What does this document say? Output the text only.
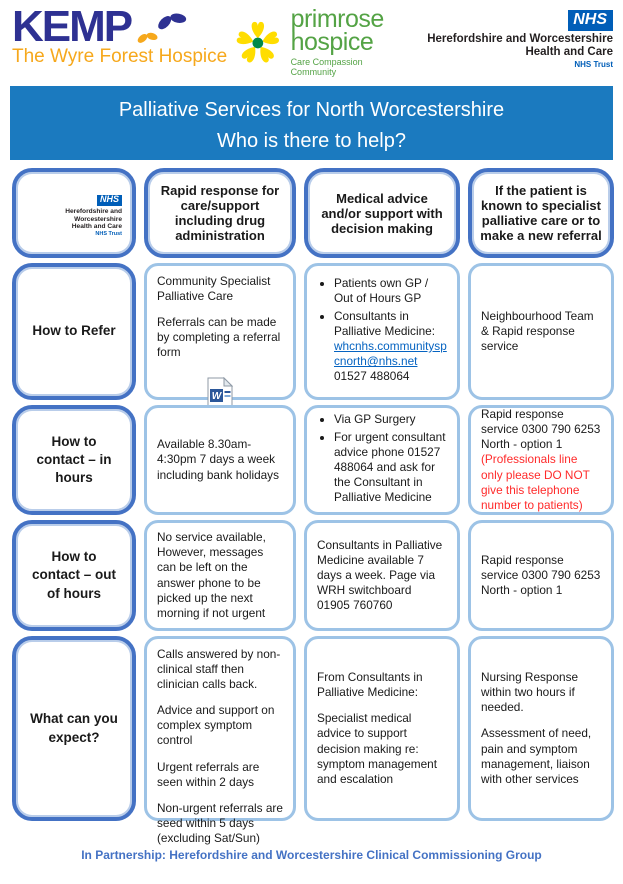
KEMP
The Wyre Forest Hospice
primrose
hospice
Care Compassion Community
NHS
Herefordshire and Worcestershire
Health and Care
NHS Trust
Palliative Services for North Worcestershire
Who is there to help?
NHS
Herefordshire and Worcestershire
Health and Care
NHS Trust
Rapid response for care/support including drug administration
Medical advice and/or support with decision making
If the patient is known to specialist palliative care or to make a new referral
How to Refer

Community Specialist Palliative Care

Referrals can be made by completing a referral form

W
• Patients own GP / Out of Hours GP
• Consultants in Palliative Medicine:
whcnhs.communityspcnorth@nhs.net
01527 488064

Neighbourhood Team & Rapid response service

How to contact – in hours

Available 8.30am-4:30pm 7 days a week including bank holidays

• Via GP Surgery
• For urgent consultant advice phone 01527 488064 and ask for the Consultant in Palliative Medicine

Rapid response service 0300 790 6253 North - option 1

(Professionals line only please DO NOT give this telephone number to patients)

How to contact – out of hours

No service available, However, messages can be left on the answer phone to be picked up the next morning if not urgent

Consultants in Palliative Medicine available 7 days a week. Page via WRH switchboard 01905 760760

Rapid response service 0300 790 6253 North - option 1

What can you expect?

Calls answered by non-clinical staff then clinician calls back.

Advice and support on complex symptom control

Urgent referrals are seen within 2 days

Non-urgent referrals are seed within 5 days (excluding Sat/Sun)

From Consultants in Palliative Medicine:

Specialist medical advice to support decision making re: symptom management and escalation

Nursing Response within two hours if needed.

Assessment of need, pain and symptom management, liaison with other services

In Partnership: Herefordshire and Worcestershire Clinical Commissioning Group
